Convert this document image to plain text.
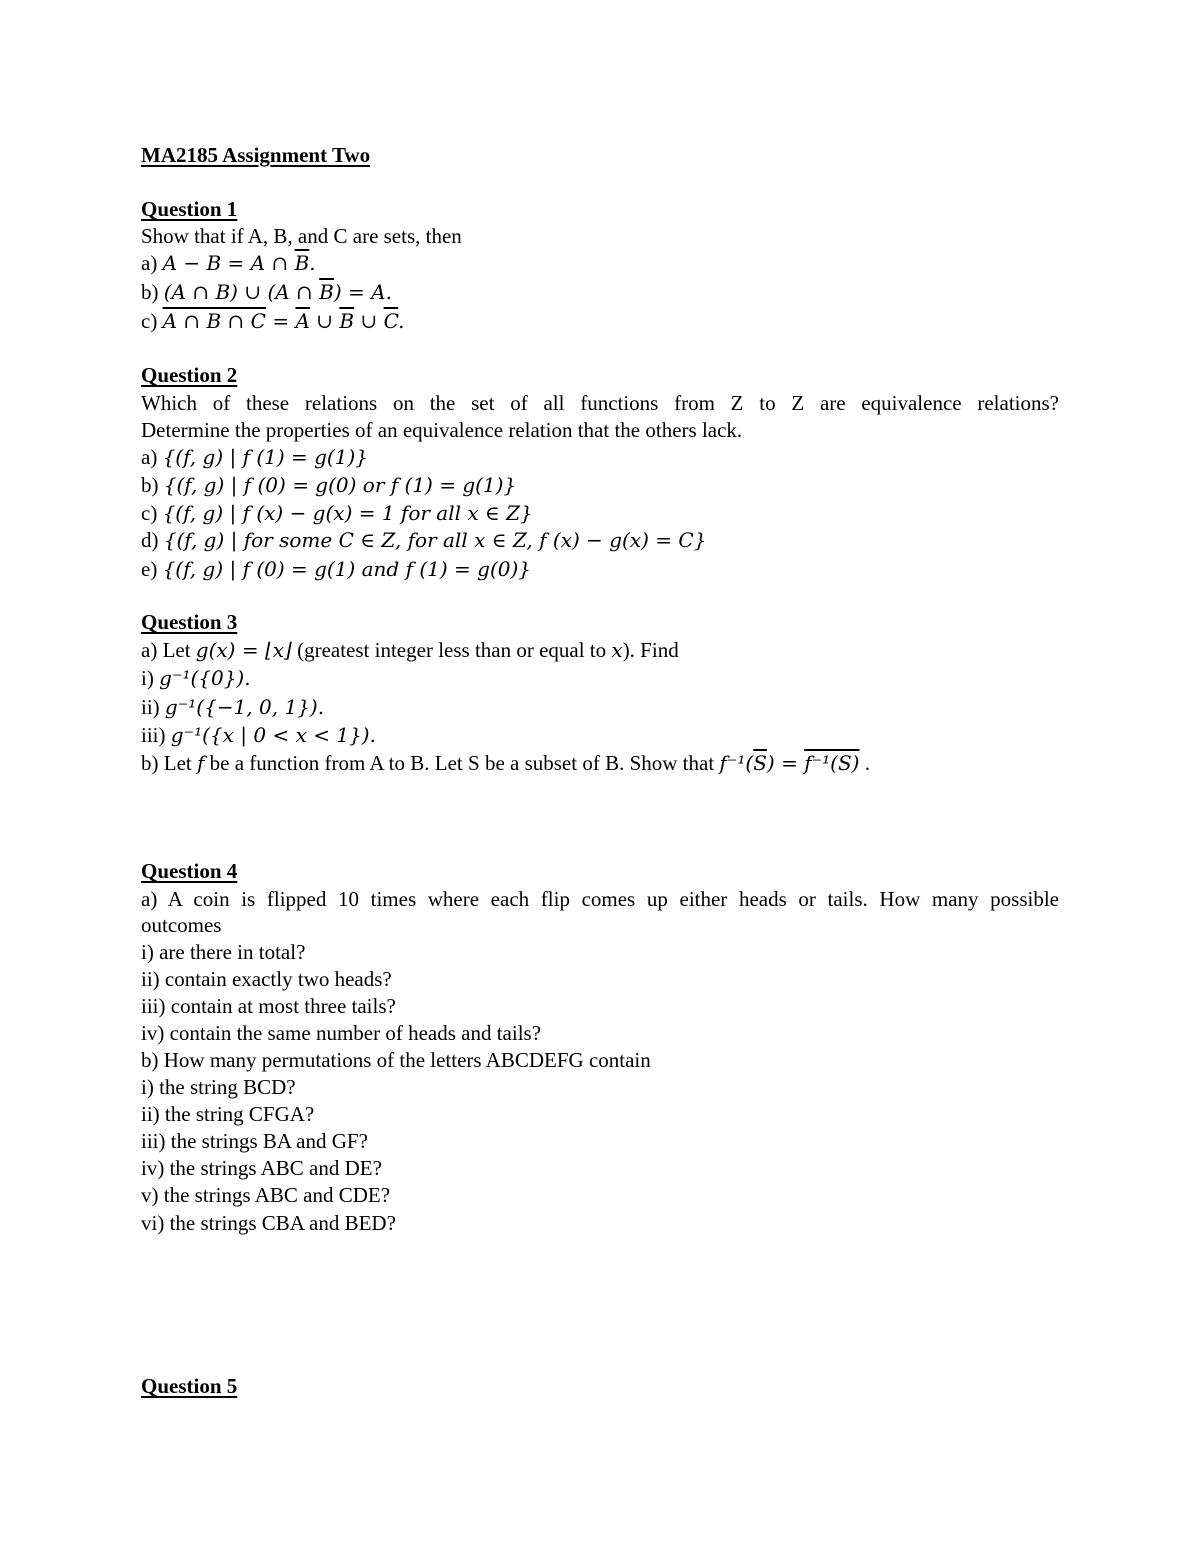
MA2185 Assignment Two
Question 1
Show that if A, B, and C are sets, then
a) A − B = A ∩ $\overline{B}$.
b) (A ∩ B) ∪ (A ∩ $\overline{B}) = A$.
c) A ∩ B ∩ $C = \overline{A}$ ∪ $\overline{B}$ ∪ $\overline{C}$.
Question 2
Which of these relations on the set of all functions from Z to Z are equivalence relations?
Determine the properties of an equivalence relation that the others lack.
a) {(f, g) | f (1) = g(1)}
b) {(f, g) | f (0) = g(0) or f (1) = g(1)}
c) {(f, g) | f (x) − g(x) = 1 for all x ∈ Z}
d) {(f, g) | for some C ∈ Z, for all x ∈ Z, f (x) − g(x) = C}
e) {(f, g) | f (0) = g(1) and f (1) = g(0)}
Question 3
a) Let g(x) = ⌊x⌋ (greatest integer less than or equal to x). Find
i) g⁻¹({0}).
ii) g⁻¹({−1, 0, 1}).
iii) g⁻¹({x | 0 < x < 1}).
b) Let f be a function from A to B. Let S be a subset of B. Show that $f^{-1}(\overline{S}) = f^{-1}(S)$ .
Question 4
a) A coin is flipped 10 times where each flip comes up either heads or tails. How many possible
outcomes
i) are there in total?
ii) contain exactly two heads?
iii) contain at most three tails?
iv) contain the same number of heads and tails?
b) How many permutations of the letters ABCDEFG contain
i) the string BCD?
ii) the string CFGA?
iii) the strings BA and GF?
iv) the strings ABC and DE?
v) the strings ABC and CDE?
vi) the strings CBA and BED?
Question 5
